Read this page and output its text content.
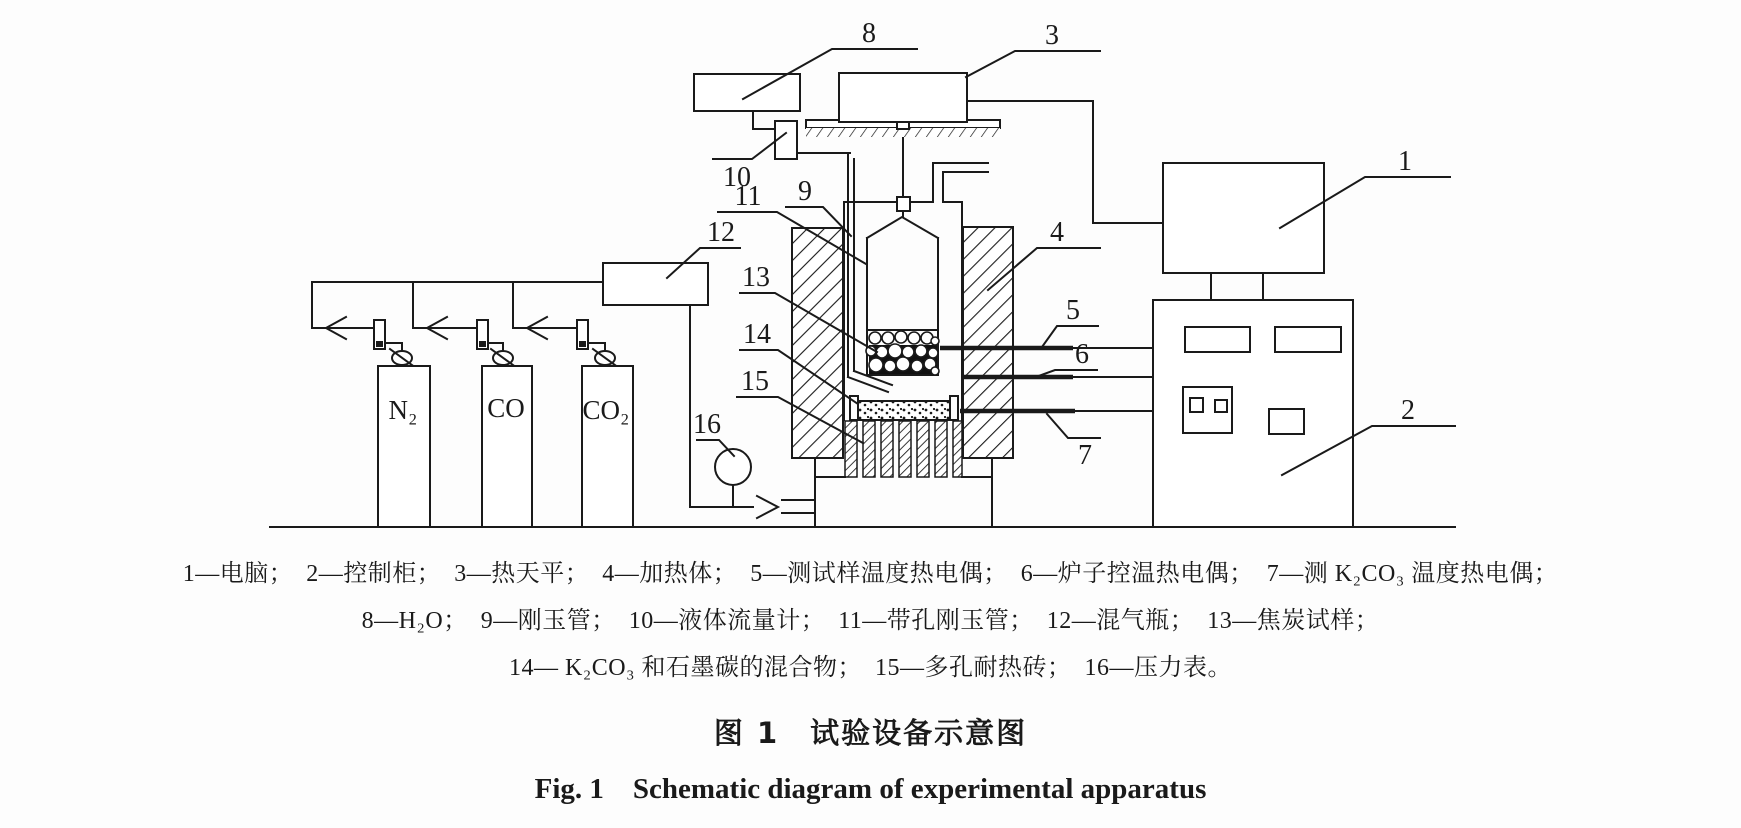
N₂	CO CO₂
1
2
3
4
5
6
7
8
9
10
11
12
13
14
15
16
1—电脑；  2—控制柜；  3—热天平；  4—加热体；  5—测试样温度热电偶；  6—炉子控温热电偶；  7—测 K₂CO₃ 温度热电偶；
8—H₂O；  9—刚玉管；  10—液体流量计；  11—带孔刚玉管；  12—混气瓶；  13—焦炭试样；
14— K₂CO₃ 和石墨碳的混合物；  15—多孔耐热砖；  16—压力表。
图 1　试验设备示意图
Fig. 1　Schematic diagram of experimental apparatus
